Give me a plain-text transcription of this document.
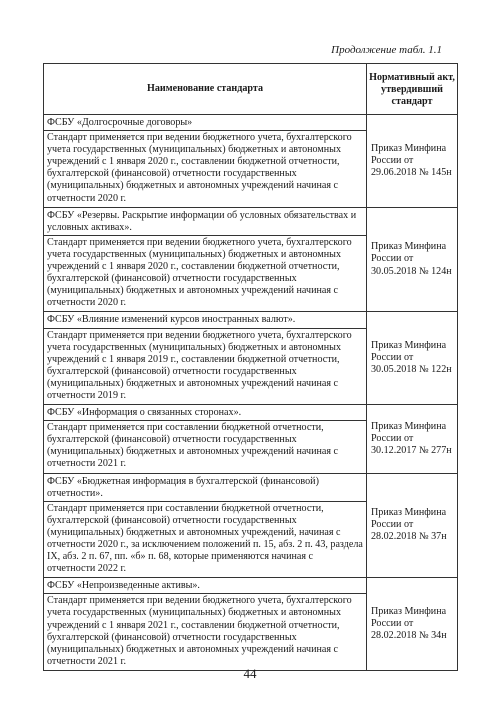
Продолжение табл. 1.1
Наименование стандарта	Нормативный акт, утвердивший стандарт

ФСБУ «Долгосрочные договоры»
Стандарт применяется при ведении бюджетного учета, бухгалтерского учета государственных (муниципальных) бюджетных и автономных учреждений с 1 января 2020 г., составлении бюджетной отчетности, бухгалтерской (финансовой) отчетности государственных (муниципальных) бюджетных и автономных учреждений начиная с отчетности 2020 г.	Приказ Минфина России от 29.06.2018 № 145н

ФСБУ «Резервы. Раскрытие информации об условных обязательствах и условных активах».
Стандарт применяется при ведении бюджетного учета, бухгалтерского учета государственных (муниципальных) бюджетных и автономных учреждений с 1 января 2020 г., составлении бюджетной отчетности, бухгалтерской (финансовой) отчетности государственных (муниципальных) бюджетных и автономных учреждений начиная с отчетности 2020 г.	Приказ Минфина России от 30.05.2018 № 124н

ФСБУ «Влияние изменений курсов иностранных валют».
Стандарт применяется при ведении бюджетного учета, бухгалтерского учета государственных (муниципальных) бюджетных и автономных учреждений с 1 января 2019 г., составлении бюджетной отчетности, бухгалтерской (финансовой) отчетности государственных (муниципальных) бюджетных и автономных учреждений начиная с отчетности 2019 г.	Приказ Минфина России от 30.05.2018 № 122н

ФСБУ «Информация о связанных сторонах».
Стандарт применяется при составлении бюджетной отчетности, бухгалтерской (финансовой) отчетности государственных (муниципальных) бюджетных и автономных учреждений начиная с отчетности 2021 г.	Приказ Минфина России от 30.12.2017 № 277н

ФСБУ «Бюджетная информация в бухгалтерской (финансовой) отчетности».
Стандарт применяется при составлении бюджетной отчетности, бухгалтерской (финансовой) отчетности государственных (муниципальных) бюджетных и автономных учреждений, начиная с отчетности 2020 г., за исключением положений п. 15, абз. 2 п. 43, раздела IX, абз. 2 п. 67, пп. «б» п. 68, которые применяются начиная с отчетности 2022 г.	Приказ Минфина России от 28.02.2018 № 37н

ФСБУ «Непроизведенные активы».
Стандарт применяется при ведении бюджетного учета, бухгалтерского учета государственных (муниципальных) бюджетных и автономных учреждений с 1 января 2021 г., составлении бюджетной отчетности, бухгалтерской (финансовой) отчетности государственных (муниципальных) бюджетных и автономных учреждений начиная с отчетности 2021 г.	Приказ Минфина России от 28.02.2018 № 34н
44
